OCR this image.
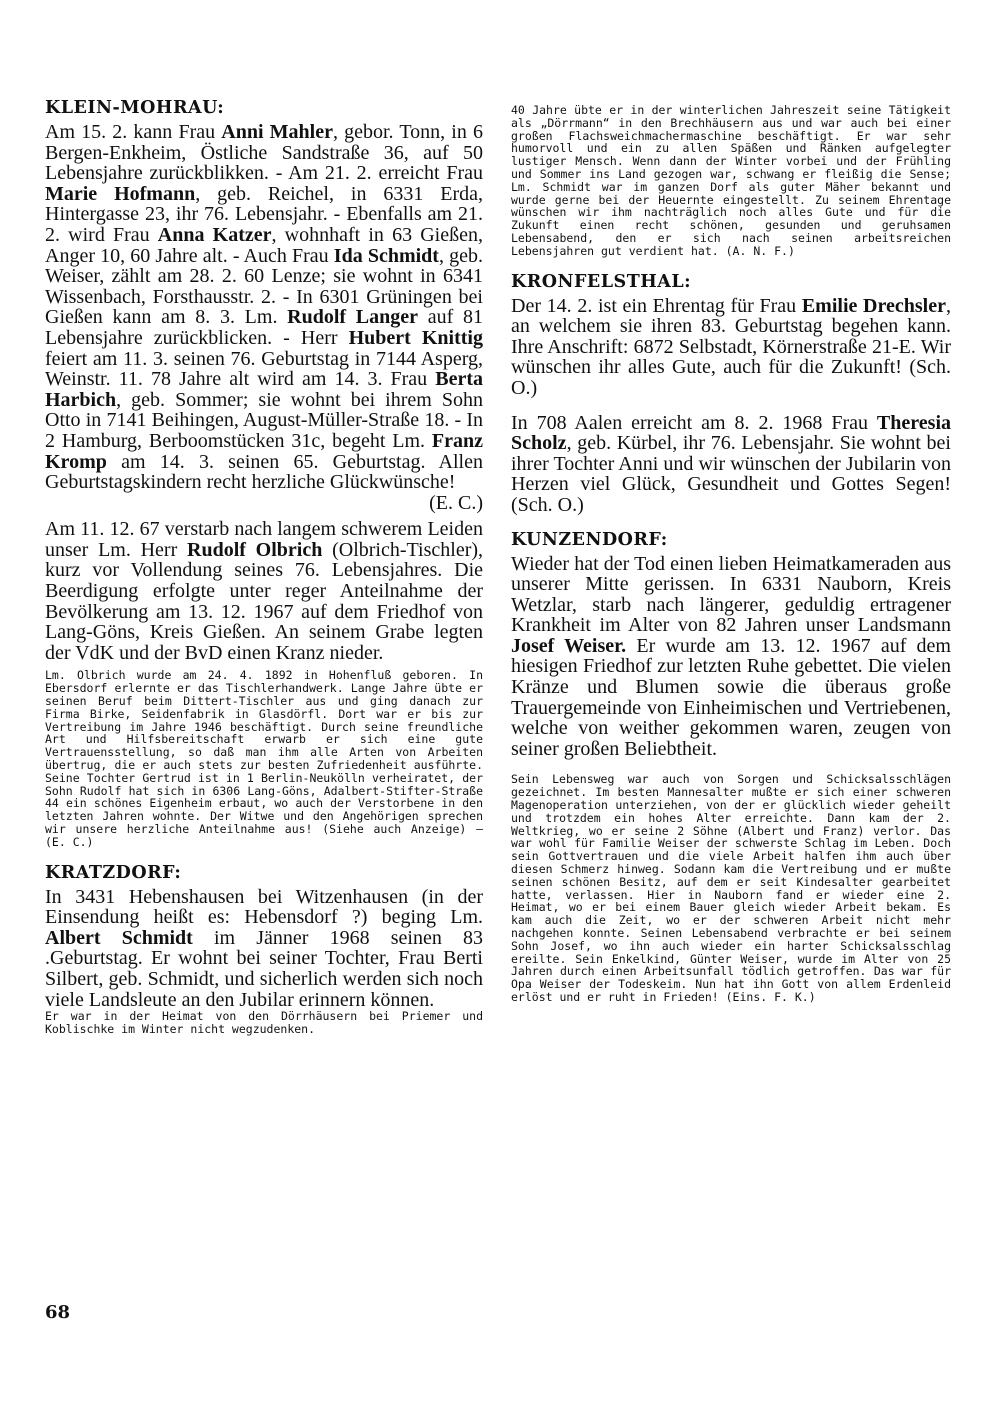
KLEIN-MOHRAU:

Am 15. 2. kann Frau Anni Mahler, gebor. Tonn, in 6 Bergen-Enkheim, Östliche Sandstraße 36, auf 50 Lebensjahre zurückblikken. - Am 21. 2. erreicht Frau Marie Hofmann, geb. Reichel, in 6331 Erda, Hintergasse 23, ihr 76. Lebensjahr. - Ebenfalls am 21. 2. wird Frau Anna Katzer, wohnhaft in 63 Gießen, Anger 10, 60 Jahre alt. - Auch Frau Ida Schmidt, geb. Weiser, zählt am 28. 2. 60 Lenze; sie wohnt in 6341 Wissenbach, Forsthausstr. 2. - In 6301 Grüningen bei Gießen kann am 8. 3. Lm. Rudolf Langer auf 81 Lebensjahre zurückblicken. - Herr Hubert Knittig feiert am 11. 3. seinen 76. Geburtstag in 7144 Asperg, Weinstr. 11. 78 Jahre alt wird am 14. 3. Frau Berta Harbich, geb. Sommer; sie wohnt bei ihrem Sohn Otto in 7141 Beihingen, August-Müller-Straße 18. - In 2 Hamburg, Berboomstücken 31c, begeht Lm. Franz Kromp am 14. 3. seinen 65. Geburtstag. Allen Geburtstagskindern recht herzliche Glückwünsche!

(E. C.)

Am 11. 12. 67 verstarb nach langem schwerem Leiden unser Lm. Herr Rudolf Olbrich (Olbrich-Tischler), kurz vor Vollendung seines 76. Lebensjahres. Die Beerdigung erfolgte unter reger Anteilnahme der Bevölkerung am 13. 12. 1967 auf dem Friedhof von Lang-Göns, Kreis Gießen. An seinem Grabe legten der VdK und der BvD einen Kranz nieder.

Lm. Olbrich wurde am 24. 4. 1892 in Hohenfluß geboren. In Ebersdorf erlernte er das Tischlerhandwerk. Lange Jahre übte er seinen Beruf beim Dittert-Tischler aus und ging danach zur Firma Birke, Seidenfabrik in Glasdörfl. Dort war er bis zur Vertreibung im Jahre 1946 beschäftigt. Durch seine freundliche Art und Hilfsbereitschaft erwarb er sich eine gute Vertrauensstellung, so daß man ihm alle Arten von Arbeiten übertrug, die er auch stets zur besten Zufriedenheit ausführte. Seine Tochter Gertrud ist in 1 Berlin-Neukölln verheiratet, der Sohn Rudolf hat sich in 6306 Lang-Göns, Adalbert-Stifter-Straße 44 ein schönes Eigenheim erbaut, wo auch der Verstorbene in den letzten Jahren wohnte. Der Witwe und den Angehörigen sprechen wir unsere herzliche Anteilnahme aus! (Siehe auch Anzeige) — (E. C.)

KRATZDORF:

In 3431 Hebenshausen bei Witzenhausen (in der Einsendung heißt es: Hebensdorf ?) beging Lm. Albert Schmidt im Jänner 1968 seinen 83 .Geburtstag. Er wohnt bei seiner Tochter, Frau Berti Silbert, geb. Schmidt, und sicherlich werden sich noch viele Landsleute an den Jubilar erinnern können.

Er war in der Heimat von den Dörrhäusern bei Priemer und Koblischke im Winter nicht wegzudenken.

40 Jahre übte er in der winterlichen Jahreszeit seine Tätigkeit als „Dörrmann“ in den Brechhäusern aus und war auch bei einer großen Flachsweichmachermaschine beschäftigt. Er war sehr humorvoll und ein zu allen Späßen und Ränken aufgelegter lustiger Mensch. Wenn dann der Winter vorbei und der Frühling und Sommer ins Land gezogen war, schwang er fleißig die Sense; Lm. Schmidt war im ganzen Dorf als guter Mäher bekannt und wurde gerne bei der Heuernte eingestellt. Zu seinem Ehrentage wünschen wir ihm nachträglich noch alles Gute und für die Zukunft einen recht schönen, gesunden und geruhsamen Lebensabend, den er sich nach seinen arbeitsreichen Lebensjahren gut verdient hat. (A. N. F.)

KRONFELSTHAL:

Der 14. 2. ist ein Ehrentag für Frau Emilie Drechsler, an welchem sie ihren 83. Geburtstag begehen kann. Ihre Anschrift: 6872 Selbstadt, Körnerstraße 21-E. Wir wünschen ihr alles Gute, auch für die Zukunft! (Sch. O.)

In 708 Aalen erreicht am 8. 2. 1968 Frau Theresia Scholz, geb. Kürbel, ihr 76. Lebensjahr. Sie wohnt bei ihrer Tochter Anni und wir wünschen der Jubilarin von Herzen viel Glück, Gesundheit und Gottes Segen! (Sch. O.)

KUNZENDORF:

Wieder hat der Tod einen lieben Heimatkameraden aus unserer Mitte gerissen. In 6331 Nauborn, Kreis Wetzlar, starb nach längerer, geduldig ertragener Krankheit im Alter von 82 Jahren unser Landsmann Josef Weiser. Er wurde am 13. 12. 1967 auf dem hiesigen Friedhof zur letzten Ruhe gebettet. Die vielen Kränze und Blumen sowie die überaus große Trauergemeinde von Einheimischen und Vertriebenen, welche von weither gekommen waren, zeugen von seiner großen Beliebtheit.

Sein Lebensweg war auch von Sorgen und Schicksalsschlägen gezeichnet. Im besten Mannesalter mußte er sich einer schweren Magenoperation unterziehen, von der er glücklich wieder geheilt und trotzdem ein hohes Alter erreichte. Dann kam der 2. Weltkrieg, wo er seine 2 Söhne (Albert und Franz) verlor. Das war wohl für Familie Weiser der schwerste Schlag im Leben. Doch sein Gottvertrauen und die viele Arbeit halfen ihm auch über diesen Schmerz hinweg. Sodann kam die Vertreibung und er mußte seinen schönen Besitz, auf dem er seit Kindesalter gearbeitet hatte, verlassen. Hier in Nauborn fand er wieder eine 2. Heimat, wo er bei einem Bauer gleich wieder Arbeit bekam. Es kam auch die Zeit, wo er der schweren Arbeit nicht mehr nachgehen konnte. Seinen Lebensabend verbrachte er bei seinem Sohn Josef, wo ihn auch wieder ein harter Schicksalsschlag ereilte. Sein Enkelkind, Günter Weiser, wurde im Alter von 25 Jahren durch einen Arbeitsunfall tödlich getroffen. Das war für Opa Weiser der Todeskeim. Nun hat ihn Gott von allem Erdenleid erlöst und er ruht in Frieden! (Eins. F. K.)

68
